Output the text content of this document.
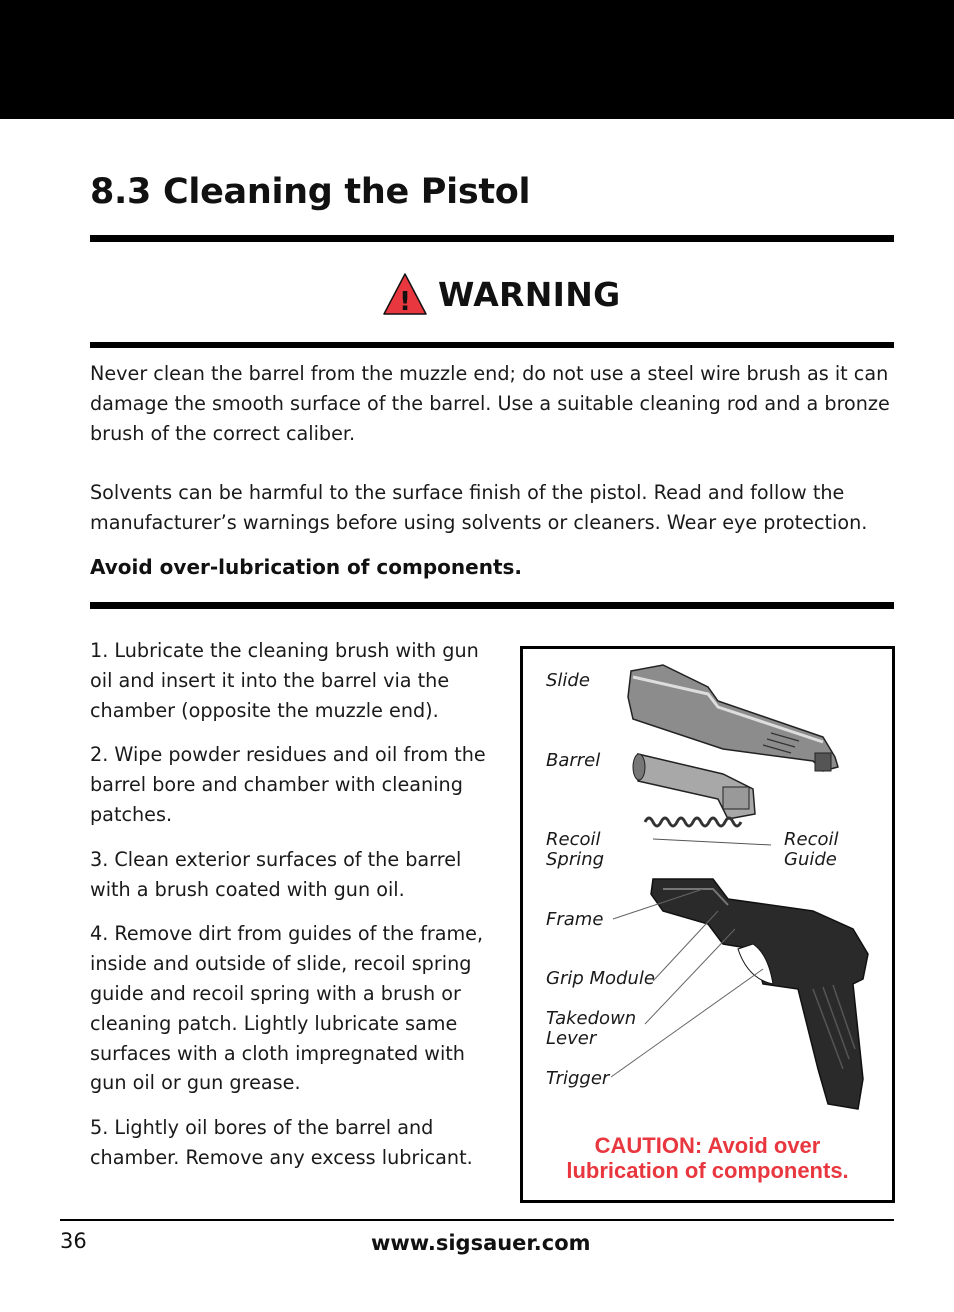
8.3 Cleaning the Pistol
! WARNING

Never clean the barrel from the muzzle end; do not use a steel wire brush as it can damage the smooth surface of the barrel. Use a suitable cleaning rod and a bronze brush of the correct caliber.

Solvents can be harmful to the surface finish of the pistol. Read and follow the manufacturer’s warnings before using solvents or cleaners. Wear eye protection.

Avoid over-lubrication of components.

1. Lubricate the cleaning brush with gun oil and insert it into the barrel via the chamber (opposite the muzzle end).

2. Wipe powder residues and oil from the barrel bore and chamber with cleaning patches.

3. Clean exterior surfaces of the barrel with a brush coated with gun oil.

4. Remove dirt from guides of the frame, inside and outside of slide, recoil spring guide and recoil spring with a brush or cleaning patch. Lightly lubricate same surfaces with a cloth impregnated with gun oil or gun grease.

5. Lightly oil bores of the barrel and chamber. Remove any excess lubricant.

Slide
Barrel
Recoil
Spring
Recoil
Guide
Frame
Grip Module
Takedown
Lever
Trigger
CAUTION: Avoid over
lubrication of components.
36	www.sigsauer.com
